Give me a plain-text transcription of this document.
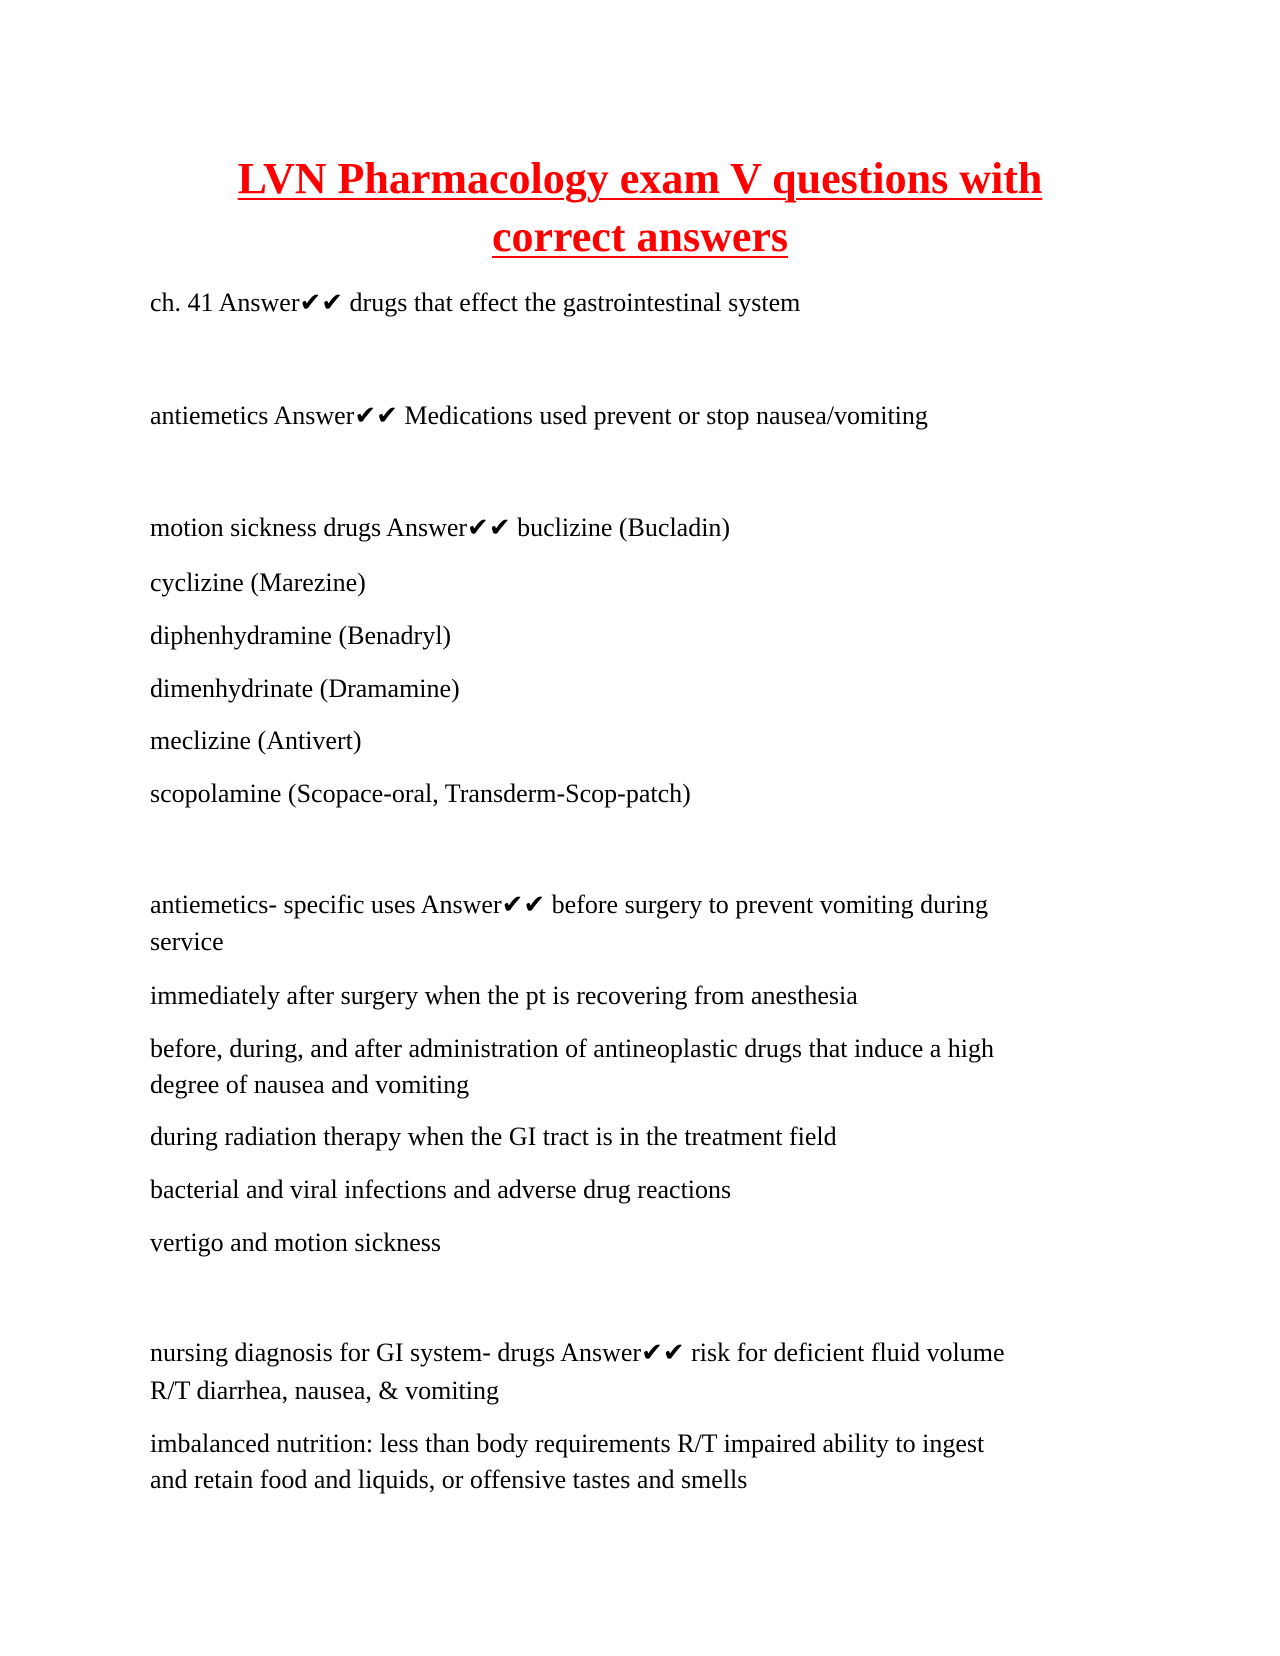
LVN Pharmacology exam V questions with
correct answers
ch. 41 Answer✔✔ drugs that effect the gastrointestinal system
antiemetics Answer✔✔ Medications used prevent or stop nausea/vomiting
motion sickness drugs Answer✔✔ buclizine (Bucladin)
cyclizine (Marezine)
diphenhydramine (Benadryl)
dimenhydrinate (Dramamine)
meclizine (Antivert)
scopolamine (Scopace-oral, Transderm-Scop-patch)
antiemetics- specific uses Answer✔✔ before surgery to prevent vomiting during
service
immediately after surgery when the pt is recovering from anesthesia
before, during, and after administration of antineoplastic drugs that induce a high
degree of nausea and vomiting
during radiation therapy when the GI tract is in the treatment field
bacterial and viral infections and adverse drug reactions
vertigo and motion sickness
nursing diagnosis for GI system- drugs Answer✔✔ risk for deficient fluid volume
R/T diarrhea, nausea, & vomiting
imbalanced nutrition: less than body requirements R/T impaired ability to ingest
and retain food and liquids, or offensive tastes and smells
